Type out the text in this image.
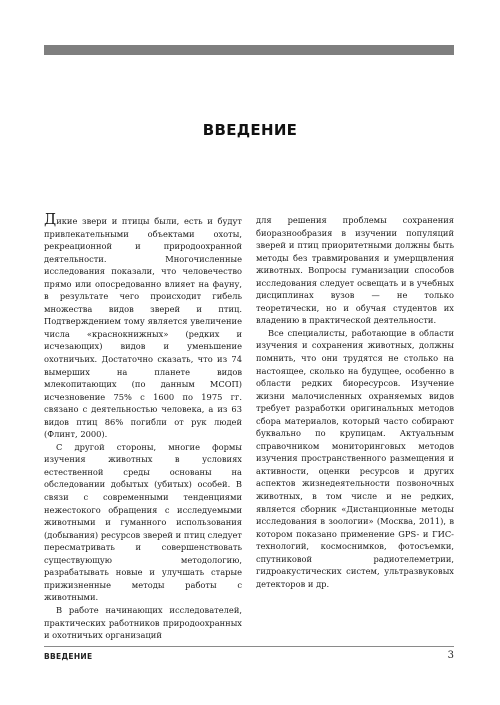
ВВЕДЕНИЕ

Дикие звери и птицы были, есть и будут привлекательными объектами охоты, рекреационной и природоохранной деятельности. Многочисленные исследования показали, что человечество прямо или опосредованно влияет на фауну, в результате чего происходит гибель множества видов зверей и птиц. Подтверждением тому является увеличение числа «краснокнижных» (редких и исчезающих) видов и уменьшение охотничьих. Достаточно сказать, что из 74 вымерших на планете видов млекопитающих (по данным МСОП) исчезновение 75% с 1600 по 1975 гг. связано с деятельностью человека, а из 63 видов птиц 86% погибли от рук людей (Флинт, 2000).

С другой стороны, многие формы изучения животных в условиях естественной среды основаны на обследовании добытых (убитых) особей. В связи с современными тенденциями нежестокого обращения с исследуемыми животными и гуманного использования (добывания) ресурсов зверей и птиц следует пересматривать и совершенствовать существующую методологию, разрабатывать новые и улучшать старые прижизненные методы работы с животными.

В работе начинающих исследователей, практических работников природоохранных и охотничьих организаций

для решения проблемы сохранения биоразнообразия в изучении популяций зверей и птиц приоритетными должны быть методы без травмирования и умерщвления животных. Вопросы гуманизации способов исследования следует освещать и в учебных дисциплинах вузов — не только теоретически, но и обучая студентов их владению в практической деятельности.

Все специалисты, работающие в области изучения и сохранения животных, должны помнить, что они трудятся не столько на настоящее, сколько на будущее, особенно в области редких биоресурсов. Изучение жизни малочисленных охраняемых видов требует разработки оригинальных методов сбора материалов, который часто собирают буквально по крупицам. Актуальным справочником мониторинговых методов изучения пространственного размещения и активности, оценки ресурсов и других аспектов жизнедеятельности позвоночных животных, в том числе и не редких, является сборник «Дистанционные методы исследования в зоологии» (Москва, 2011), в котором показано применение GPS- и ГИС-технологий, космоснимков, фотосъемки, спутниковой радиотелеметрии, гидроакустических систем, ультразвуковых детекторов и др.

ВВЕДЕНИЕ	3
